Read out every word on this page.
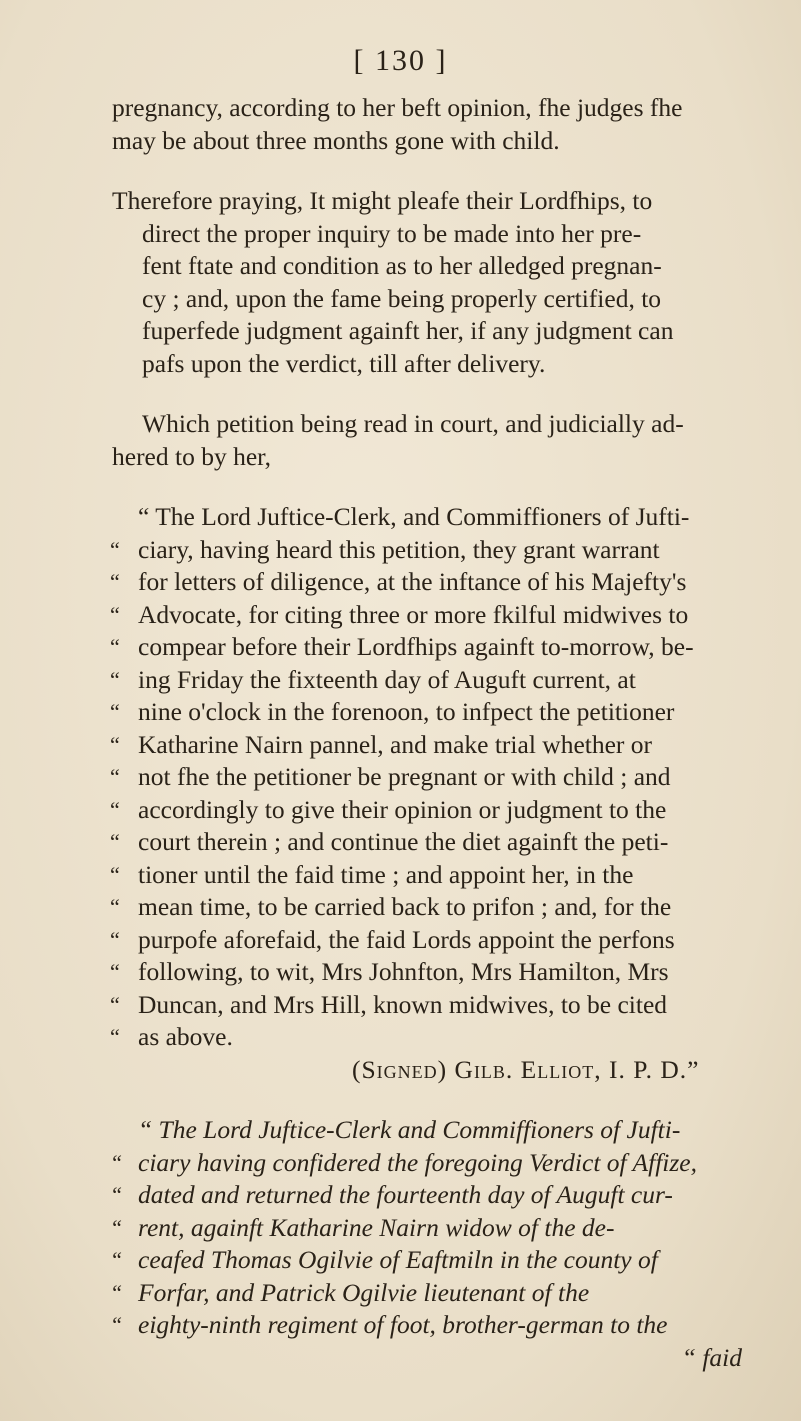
[ 130 ]
pregnancy, according to her beft opinion, fhe judges fhe
may be about three months gone with child.
Therefore praying, It might pleafe their Lordfhips, to
direct the proper inquiry to be made into her pre-
fent ftate and condition as to her alledged pregnan-
cy ; and, upon the fame being properly certified, to
fuperfede judgment againft her, if any judgment can
pafs upon the verdict, till after delivery.
Which petition being read in court, and judicially ad-
hered to by her,
“ The Lord Juftice-Clerk, and Commiffioners of Jufti-
“ ciary, having heard this petition, they grant warrant
“ for letters of diligence, at the inftance of his Majefty's
“ Advocate, for citing three or more fkilful midwives to
“ compear before their Lordfhips againft to-morrow, be-
“ ing Friday the fixteenth day of Auguft current, at
“ nine o'clock in the forenoon, to infpect the petitioner
“ Katharine Nairn pannel, and make trial whether or
“ not fhe the petitioner be pregnant or with child ; and
“ accordingly to give their opinion or judgment to the
“ court therein ; and continue the diet againft the peti-
“ tioner until the faid time ; and appoint her, in the
“ mean time, to be carried back to prifon ; and, for the
“ purpofe aforefaid, the faid Lords appoint the perfons
“ following, to wit, Mrs Johnfton, Mrs Hamilton, Mrs
“ Duncan, and Mrs Hill, known midwives, to be cited
“ as above.
(Signed) Gilb. Elliot, I. P. D.”
“ The Lord Juftice-Clerk and Commiffioners of Jufti-
“ ciary having confidered the foregoing Verdict of Affize,
“ dated and returned the fourteenth day of Auguft cur-
“ rent, againft Katharine Nairn widow of the de-
“ ceafed Thomas Ogilvie of Eaftmiln in the county of
“ Forfar, and Patrick Ogilvie lieutenant of the
“ eighty-ninth regiment of foot, brother-german to the
“ faid
